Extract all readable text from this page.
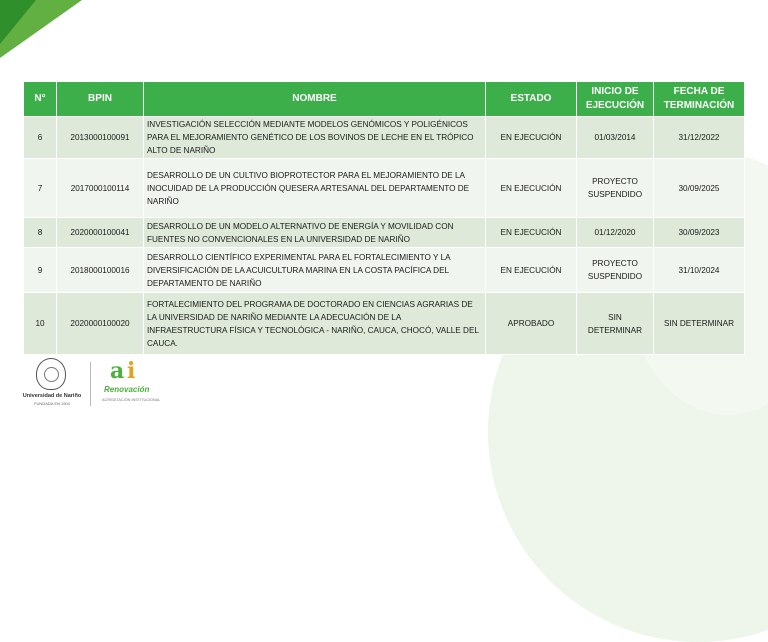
N°	BPIN	NOMBRE	ESTADO	INICIO DE EJECUCIÓN	FECHA DE TERMINACIÓN
6	2013000100091	INVESTIGACIÓN SELECCIÓN MEDIANTE MODELOS GENÓMICOS Y POLIGÉNICOS PARA EL MEJORAMIENTO GENÉTICO DE LOS BOVINOS DE LECHE EN EL TRÓPICO ALTO DE NARIÑO	EN EJECUCIÓN	01/03/2014	31/12/2022
7	2017000100114	DESARROLLO DE UN CULTIVO BIOPROTECTOR PARA EL MEJORAMIENTO DE LA INOCUIDAD DE LA PRODUCCIÓN QUESERA ARTESANAL DEL DEPARTAMENTO DE NARIÑO	EN EJECUCIÓN	PROYECTO SUSPENDIDO	30/09/2025
8	2020000100041	DESARROLLO DE UN MODELO ALTERNATIVO DE ENERGÍA Y MOVILIDAD CON FUENTES NO CONVENCIONALES EN LA UNIVERSIDAD DE NARIÑO	EN EJECUCIÓN	01/12/2020	30/09/2023
9	2018000100016	DESARROLLO CIENTÍFICO EXPERIMENTAL PARA EL FORTALECIMIENTO Y LA DIVERSIFICACIÓN DE LA ACUICULTURA MARINA EN LA COSTA PACÍFICA DEL DEPARTAMENTO DE NARIÑO	EN EJECUCIÓN	PROYECTO SUSPENDIDO	31/10/2024
10	2020000100020	FORTALECIMIENTO DEL PROGRAMA DE DOCTORADO EN CIENCIAS AGRARIAS DE LA UNIVERSIDAD DE NARIÑO MEDIANTE LA ADECUACIÓN DE LA INFRAESTRUCTURA FÍSICA Y TECNOLÓGICA - NARIÑO, CAUCA, CHOCÓ, VALLE DEL CAUCA.	APROBADO	SIN DETERMINAR	SIN DETERMINAR
Universidad de Nariño
FUNDADA EN 1904
a i
Renovación
ACREDITACIÓN INSTITUCIONAL
